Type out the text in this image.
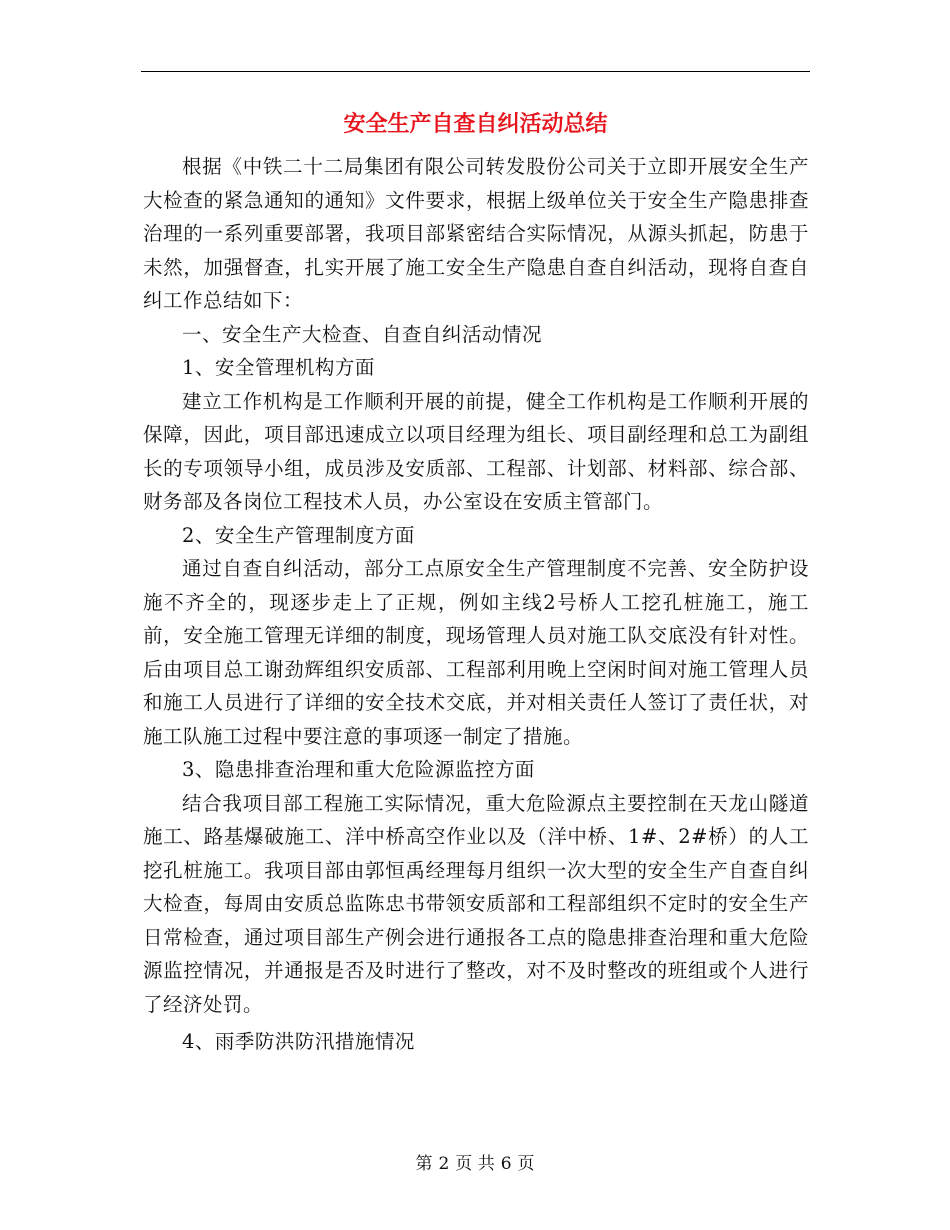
安全生产自查自纠活动总结

根据《中铁二十二局集团有限公司转发股份公司关于立即开展安全生产大检查的紧急通知的通知》文件要求，根据上级单位关于安全生产隐患排查治理的一系列重要部署，我项目部紧密结合实际情况，从源头抓起，防患于未然，加强督查，扎实开展了施工安全生产隐患自查自纠活动，现将自查自纠工作总结如下：

一、安全生产大检查、自查自纠活动情况

1、安全管理机构方面

建立工作机构是工作顺利开展的前提，健全工作机构是工作顺利开展的保障，因此，项目部迅速成立以项目经理为组长、项目副经理和总工为副组长的专项领导小组，成员涉及安质部、工程部、计划部、材料部、综合部、财务部及各岗位工程技术人员，办公室设在安质主管部门。

2、安全生产管理制度方面

通过自查自纠活动，部分工点原安全生产管理制度不完善、安全防护设施不齐全的，现逐步走上了正规，例如主线2号桥人工挖孔桩施工，施工前，安全施工管理无详细的制度，现场管理人员对施工队交底没有针对性。后由项目总工谢劲辉组织安质部、工程部利用晚上空闲时间对施工管理人员和施工人员进行了详细的安全技术交底，并对相关责任人签订了责任状，对施工队施工过程中要注意的事项逐一制定了措施。

3、隐患排查治理和重大危险源监控方面

结合我项目部工程施工实际情况，重大危险源点主要控制在天龙山隧道施工、路基爆破施工、洋中桥高空作业以及（洋中桥、1#、2#桥）的人工挖孔桩施工。我项目部由郭恒禹经理每月组织一次大型的安全生产自查自纠大检查，每周由安质总监陈忠书带领安质部和工程部组织不定时的安全生产日常检查，通过项目部生产例会进行通报各工点的隐患排查治理和重大危险源监控情况，并通报是否及时进行了整改，对不及时整改的班组或个人进行了经济处罚。

4、雨季防洪防汛措施情况

第 2 页 共 6 页
